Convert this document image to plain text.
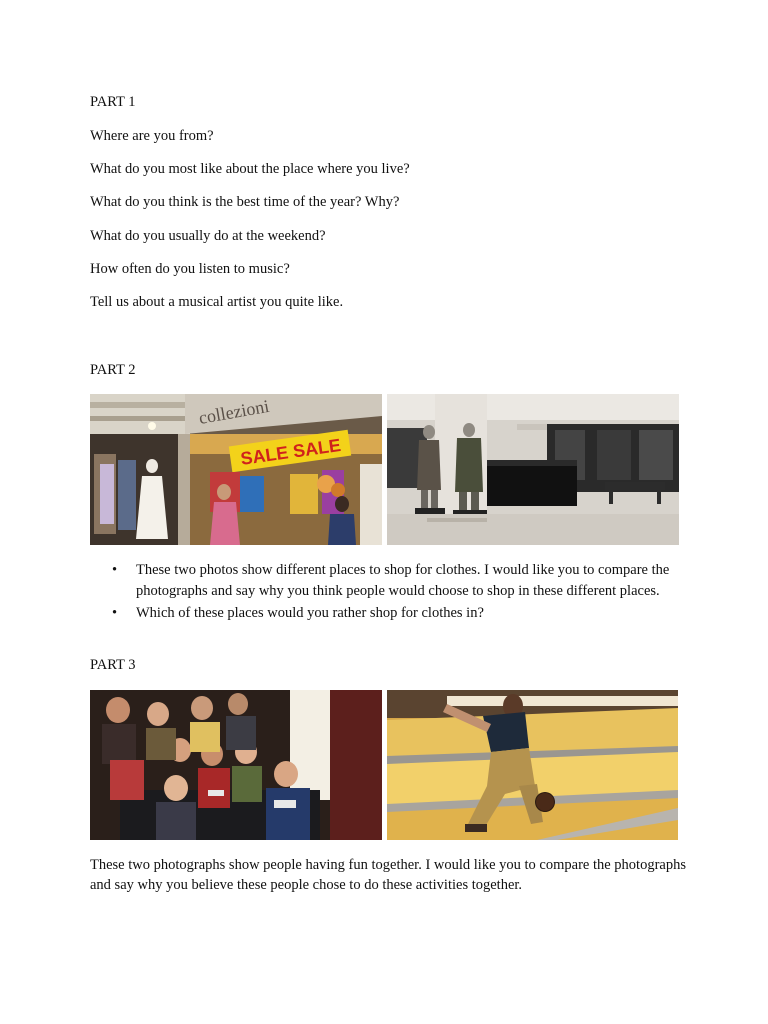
PART 1
Where are you from?
What do you most like about the place where you live?
What do you think is the best time of the year? Why?
What do you usually do at the weekend?
How often do you listen to music?
Tell us about a musical artist you quite like.
PART 2
collezioni
SALE SALE
• These two photos show different places to shop for clothes. I would like you to compare the photographs and say why you think people would choose to shop in these different places.
• Which of these places would you rather shop for clothes in?
PART 3
These two photographs show people having fun together. I would like you to compare the photographs and say why you believe these people chose to do these activities together.
